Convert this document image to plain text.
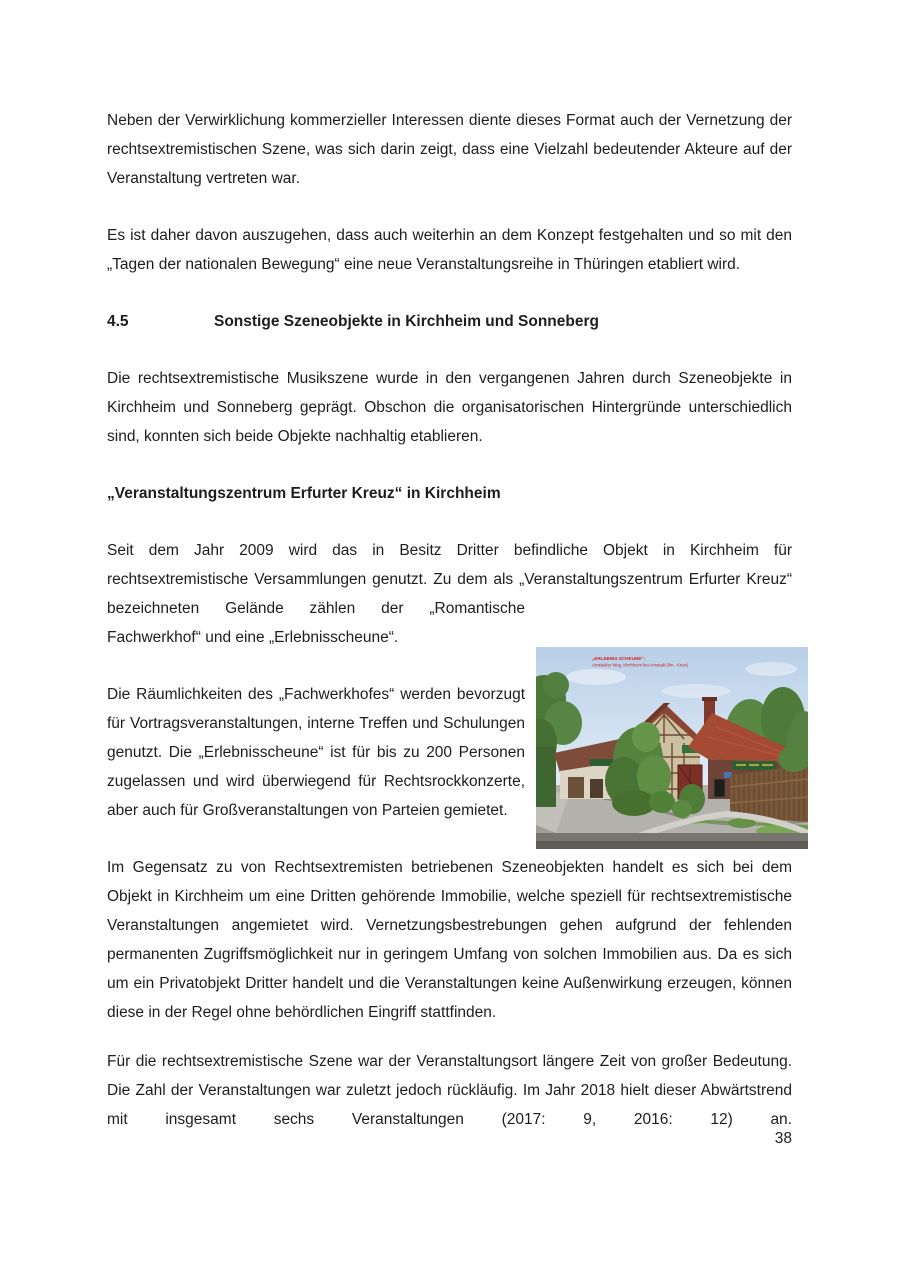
Neben der Verwirklichung kommerzieller Interessen diente dieses Format auch der Vernetzung der rechtsextremistischen Szene, was sich darin zeigt, dass eine Vielzahl bedeutender Akteure auf der Veranstaltung vertreten war.

Es ist daher davon auszugehen, dass auch weiterhin an dem Konzept festgehalten und so mit den „Tagen der nationalen Bewegung“ eine neue Veranstaltungsreihe in Thüringen etabliert wird.

4.5	Sonstige Szeneobjekte in Kirchheim und Sonneberg

Die rechtsextremistische Musikszene wurde in den vergangenen Jahren durch Szeneobjekte in Kirchheim und Sonneberg geprägt. Obschon die organisatorischen Hintergründe unterschiedlich sind, konnten sich beide Objekte nachhaltig etablieren.

„Veranstaltungszentrum Erfurter Kreuz“ in Kirchheim

Seit dem Jahr 2009 wird das in Besitz Dritter befindliche Objekt in Kirchheim für rechtsextremistische Versammlungen genutzt. Zu dem als „Veranstaltungszentrum Erfurter Kreuz“

bezeichneten Gelände zählen der „Romantische Fachwerkhof“ und eine „Erlebnisscheune“.

Die Räumlichkeiten des „Fachwerkhofes“ werden bevorzugt für Vortragsveranstaltungen, interne Treffen und Schulungen genutzt. Die „Erlebnisscheune“ ist für bis zu 200 Personen zugelassen und wird überwiegend für Rechtsrockkonzerte, aber auch für Großveranstaltungen von Parteien gemietet.

Im Gegensatz zu von Rechtsextremisten betriebenen Szeneobjekten handelt es sich bei dem Objekt in Kirchheim um eine Dritten gehörende Immobilie, welche speziell für rechtsextremistische Veranstaltungen angemietet wird. Vernetzungsbestrebungen gehen aufgrund der fehlenden permanenten Zugriffsmöglichkeit nur in geringem Umfang von solchen Immobilien aus. Da es sich um ein Privatobjekt Dritter handelt und die Veranstaltungen keine Außenwirkung erzeugen, können diese in der Regel ohne behördlichen Eingriff stattfinden.

Für die rechtsextremistische Szene war der Veranstaltungsort längere Zeit von großer Bedeutung. Die Zahl der Veranstaltungen war zuletzt jedoch rückläufig. Im Jahr 2018 hielt dieser Abwärtstrend mit insgesamt sechs Veranstaltungen (2017: 9, 2016: 12) an.

38
„ERLEBNIS SCHEUNE“:
Arnstädter Weg, Kirchheim bei Arnstadt (Ilm - Kreis)
